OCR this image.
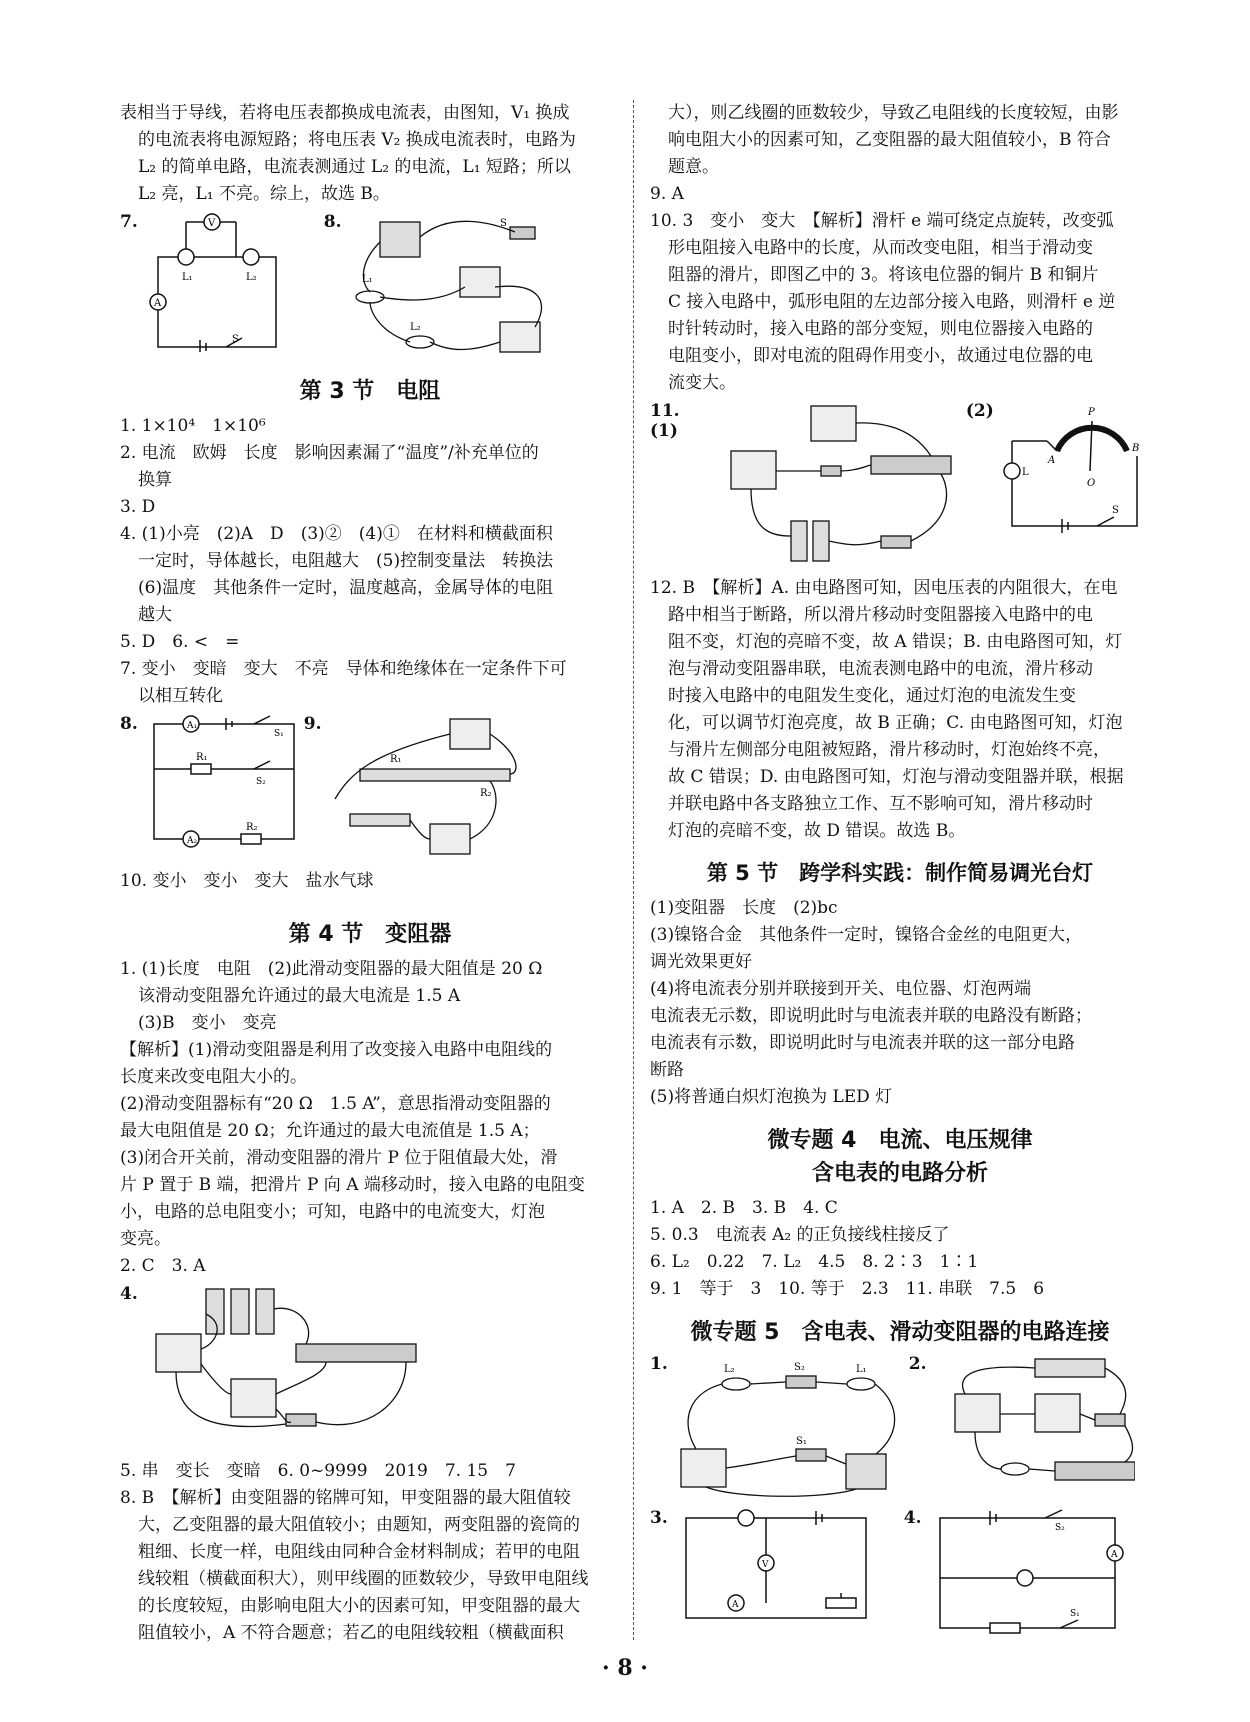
表相当于导线，若将电压表都换成电流表，由图知，V₁ 换成

的电流表将电源短路；将电压表 V₂ 换成电流表时，电路为

L₂ 的简单电路，电流表测通过 L₂ 的电流，L₁ 短路；所以

L₂ 亮，L₁ 不亮。综上，故选 B。

7.	V
A
L₁	L₂
S
8.
L₁
L₂
S
第 3 节　电阻

1. 1×10⁴　1×10⁶

2. 电流　欧姆　长度　影响因素漏了“温度”/补充单位的

换算

3. D

4. (1)小亮　(2)A　D　(3)②　(4)①　在材料和横截面积

一定时，导体越长，电阻越大　(5)控制变量法　转换法

(6)温度　其他条件一定时，温度越高，金属导体的电阻

越大

5. D　6. <　=

7. 变小　变暗　变大　不亮　导体和绝缘体在一定条件下可

以相互转化

8.	A₁
A₂
R₁
R₂
S₁
S₂
9.
R₁
R₂

10. 变小　变小　变大　盐水气球

第 4 节　变阻器

1. (1)长度　电阻　(2)此滑动变阻器的最大阻值是 20 Ω

该滑动变阻器允许通过的最大电流是 1.5 A

(3)B　变小　变亮

【解析】(1)滑动变阻器是利用了改变接入电路中电阻线的

长度来改变电阻大小的。

(2)滑动变阻器标有“20 Ω　1.5 A”，意思指滑动变阻器的

最大电阻值是 20 Ω；允许通过的最大电流值是 1.5 A；

(3)闭合开关前，滑动变阻器的滑片 P 位于阻值最大处，滑

片 P 置于 B 端，把滑片 P 向 A 端移动时，接入电路的电阻变

小，电路的总电阻变小；可知，电路中的电流变大，灯泡

变亮。

2. C　3. A

4.

5. 串　变长　变暗　6. 0~9999　2019　7. 15　7

8. B　【解析】由变阻器的铭牌可知，甲变阻器的最大阻值较

大，乙变阻器的最大阻值较小；由题知，两变阻器的瓷筒的

粗细、长度一样，电阻线由同种合金材料制成；若甲的电阻

线较粗（横截面积大），则甲线圈的匝数较少，导致甲电阻线

的长度较短，由影响电阻大小的因素可知，甲变阻器的最大

阻值较小，A 不符合题意；若乙的电阻线较粗（横截面积

大），则乙线圈的匝数较少，导致乙电阻线的长度较短，由影

响电阻大小的因素可知，乙变阻器的最大阻值较小，B 符合

题意。

9. A

10. 3　变小　变大　【解析】滑杆 e 端可绕定点旋转，改变弧

形电阻接入电路中的长度，从而改变电阻，相当于滑动变

阻器的滑片，即图乙中的 3。将该电位器的铜片 B 和铜片

C 接入电路中，弧形电阻的左边部分接入电路，则滑杆 e 逆

时针转动时，接入电路的部分变短，则电位器接入电路的

电阻变小，即对电流的阻碍作用变小，故通过电位器的电

流变大。

11. (1)
(2)
L
A
P
O
B
S

12. B　【解析】A. 由电路图可知，因电压表的内阻很大，在电

路中相当于断路，所以滑片移动时变阻器接入电路中的电

阻不变，灯泡的亮暗不变，故 A 错误；B. 由电路图可知，灯

泡与滑动变阻器串联，电流表测电路中的电流，滑片移动

时接入电路中的电阻发生变化，通过灯泡的电流发生变

化，可以调节灯泡亮度，故 B 正确；C. 由电路图可知，灯泡

与滑片左侧部分电阻被短路，滑片移动时，灯泡始终不亮，

故 C 错误；D. 由电路图可知，灯泡与滑动变阻器并联，根据

并联电路中各支路独立工作、互不影响可知，滑片移动时

灯泡的亮暗不变，故 D 错误。故选 B。

第 5 节　跨学科实践：制作简易调光台灯

(1)变阻器　长度　(2)bc

(3)镍铬合金　其他条件一定时，镍铬合金丝的电阻更大，

调光效果更好

(4)将电流表分别并联接到开关、电位器、灯泡两端

电流表无示数，即说明此时与电流表并联的电路没有断路；

电流表有示数，即说明此时与电流表并联的这一部分电路

断路

(5)将普通白炽灯泡换为 LED 灯

微专题 4　电流、电压规律
含电表的电路分析

1. A　2. B　3. B　4. C

5. 0.3　电流表 A₂ 的正负接线柱接反了

6. L₂　0.22　7. L₂　4.5　8. 2∶3　1∶1

9. 1　等于　3　10. 等于　2.3　11. 串联　7.5　6

微专题 5　含电表、滑动变阻器的电路连接
1.	L₂	L₁
S₂
S₁
2.
3.
V
A
4.
A
S₂
S₁
· 8 ·
